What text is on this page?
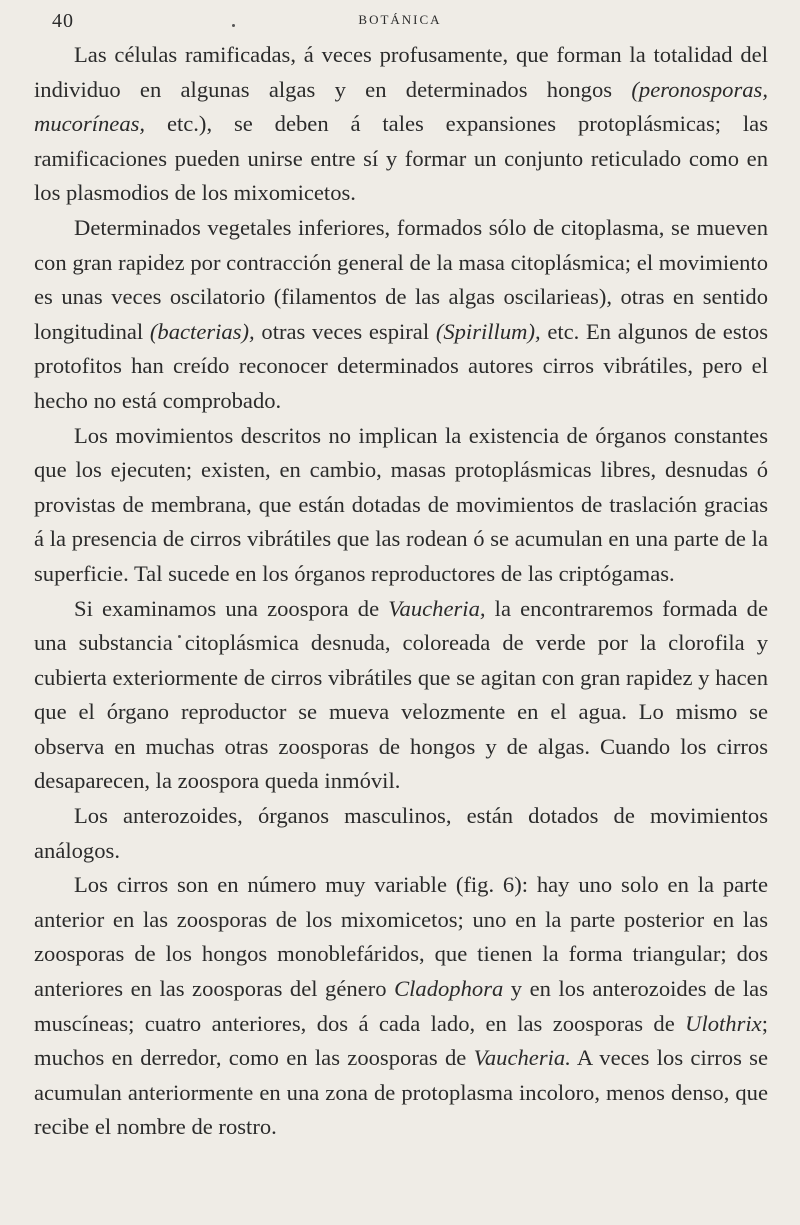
40	BOTÁNICA

Las células ramificadas, á veces profusamente, que forman la totalidad del individuo en algunas algas y en determinados hongos (peronosporas, mucoríneas, etc.), se deben á tales expansiones protoplásmicas; las ramificaciones pueden unirse entre sí y formar un conjunto reticulado como en los plasmodios de los mixomicetos.

Determinados vegetales inferiores, formados sólo de citoplasma, se mueven con gran rapidez por contracción general de la masa citoplásmica; el movimiento es unas veces oscilatorio (filamentos de las algas oscilarieas), otras en sentido longitudinal (bacterias), otras veces espiral (Spirillum), etc. En algunos de estos protofitos han creído reconocer determinados autores cirros vibrátiles, pero el hecho no está comprobado.

Los movimientos descritos no implican la existencia de órganos constantes que los ejecuten; existen, en cambio, masas protoplásmicas libres, desnudas ó provistas de membrana, que están dotadas de movimientos de traslación gracias á la presencia de cirros vibrátiles que las rodean ó se acumulan en una parte de la superficie. Tal sucede en los órganos reproductores de las criptógamas.

Si examinamos una zoospora de Vaucheria, la encontraremos formada de una substancia citoplásmica desnuda, coloreada de verde por la clorofila y cubierta exteriormente de cirros vibrátiles que se agitan con gran rapidez y hacen que el órgano reproductor se mueva velozmente en el agua. Lo mismo se observa en muchas otras zoosporas de hongos y de algas. Cuando los cirros desaparecen, la zoospora queda inmóvil.

Los anterozoides, órganos masculinos, están dotados de movimientos análogos.

Los cirros son en número muy variable (fig. 6): hay uno solo en la parte anterior en las zoosporas de los mixomicetos; uno en la parte posterior en las zoosporas de los hongos monoblefáridos, que tienen la forma triangular; dos anteriores en las zoosporas del género Cladophora y en los anterozoides de las muscíneas; cuatro anteriores, dos á cada lado, en las zoosporas de Ulothrix; muchos en derredor, como en las zoosporas de Vaucheria. A veces los cirros se acumulan anteriormente en una zona de protoplasma incoloro, menos denso, que recibe el nombre de rostro.
